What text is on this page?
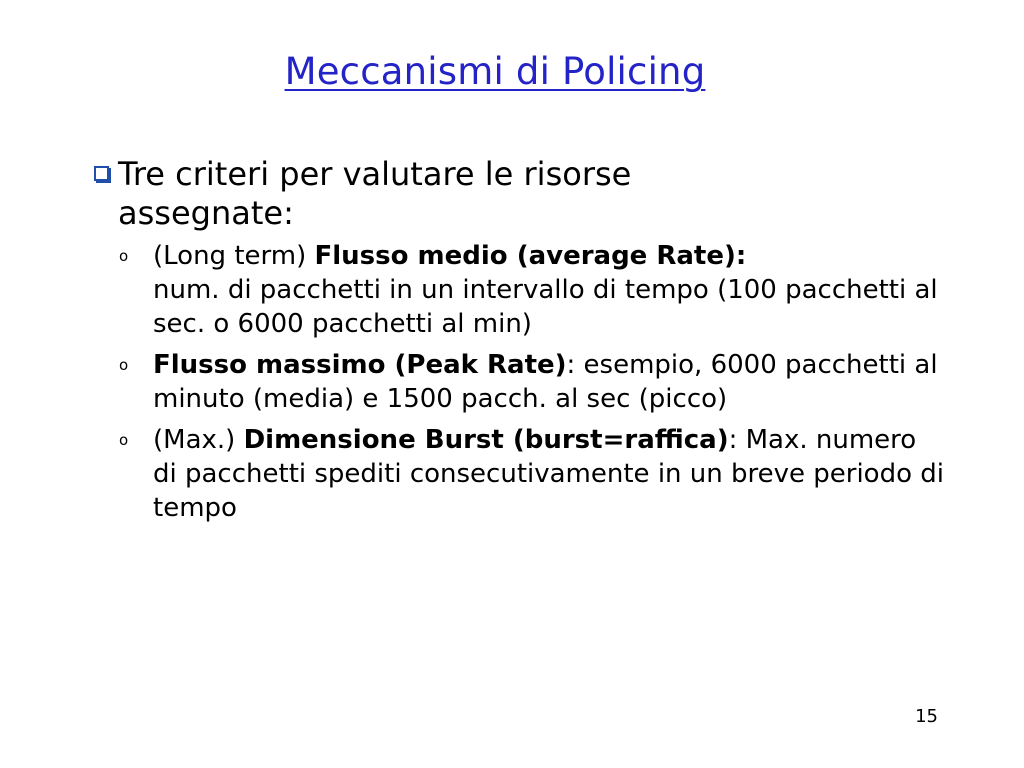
Meccanismi di Policing
Tre criteri per valutare le risorse
assegnate:
o (Long term) Flusso medio (average Rate):
num. di pacchetti in un intervallo di tempo (100 pacchetti al sec. o 6000 pacchetti al min)
o Flusso massimo (Peak Rate): esempio, 6000 pacchetti al minuto (media) e 1500 pacch. al sec (picco)
o (Max.) Dimensione Burst (burst=raffica): Max. numero di pacchetti spediti consecutivamente in un breve periodo di tempo
15
